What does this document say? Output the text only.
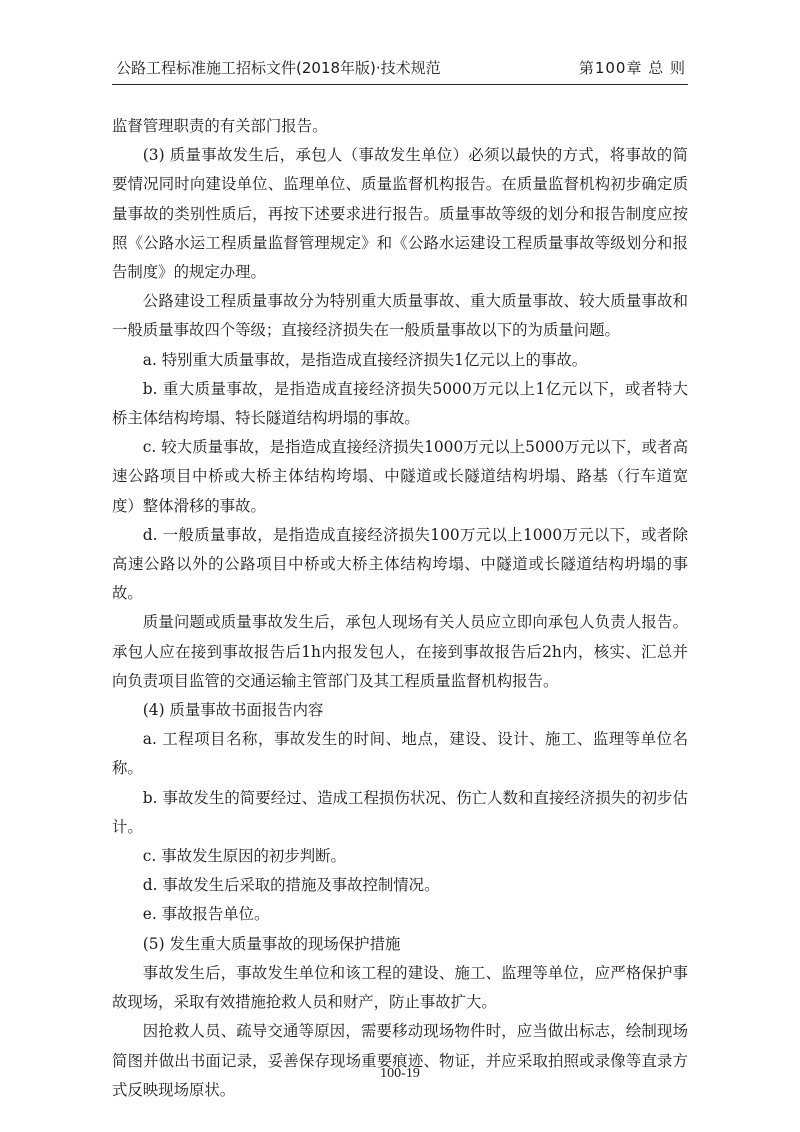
公路工程标准施工招标文件(2018年版)·技术规范	第100章 总 则

监督管理职责的有关部门报告。

(3) 质量事故发生后，承包人（事故发生单位）必须以最快的方式，将事故的简要情况同时向建设单位、监理单位、质量监督机构报告。在质量监督机构初步确定质量事故的类别性质后，再按下述要求进行报告。质量事故等级的划分和报告制度应按照《公路水运工程质量监督管理规定》和《公路水运建设工程质量事故等级划分和报告制度》的规定办理。

公路建设工程质量事故分为特别重大质量事故、重大质量事故、较大质量事故和一般质量事故四个等级；直接经济损失在一般质量事故以下的为质量问题。

a. 特别重大质量事故，是指造成直接经济损失1亿元以上的事故。

b. 重大质量事故，是指造成直接经济损失5000万元以上1亿元以下，或者特大桥主体结构垮塌、特长隧道结构坍塌的事故。

c. 较大质量事故，是指造成直接经济损失1000万元以上5000万元以下，或者高速公路项目中桥或大桥主体结构垮塌、中隧道或长隧道结构坍塌、路基（行车道宽度）整体滑移的事故。

d. 一般质量事故，是指造成直接经济损失100万元以上1000万元以下，或者除高速公路以外的公路项目中桥或大桥主体结构垮塌、中隧道或长隧道结构坍塌的事故。

质量问题或质量事故发生后，承包人现场有关人员应立即向承包人负责人报告。承包人应在接到事故报告后1h内报发包人，在接到事故报告后2h内，核实、汇总并向负责项目监管的交通运输主管部门及其工程质量监督机构报告。

(4) 质量事故书面报告内容

a. 工程项目名称，事故发生的时间、地点，建设、设计、施工、监理等单位名称。

b. 事故发生的简要经过、造成工程损伤状况、伤亡人数和直接经济损失的初步估计。

c. 事故发生原因的初步判断。

d. 事故发生后采取的措施及事故控制情况。

e. 事故报告单位。

(5) 发生重大质量事故的现场保护措施

事故发生后，事故发生单位和该工程的建设、施工、监理等单位，应严格保护事故现场，采取有效措施抢救人员和财产，防止事故扩大。

因抢救人员、疏导交通等原因，需要移动现场物件时，应当做出标志，绘制现场简图并做出书面记录，妥善保存现场重要痕迹、物证，并应采取拍照或录像等直录方式反映现场原状。

100-19
